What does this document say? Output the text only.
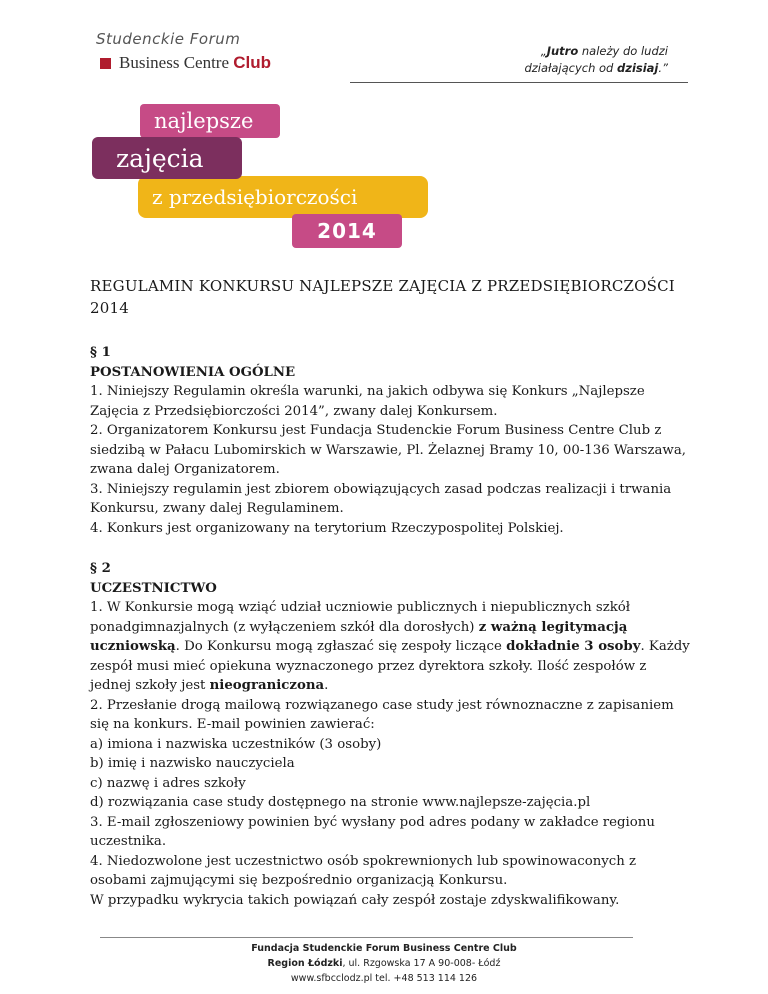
Studenckie Forum
Business Centre Club
„Jutro należy do ludzi
działających od dzisiaj.”
z przedsiębiorczości
najlepsze
zajęcia
2014
REGULAMIN KONKURSU NAJLEPSZE ZAJĘCIA Z PRZEDSIĘBIORCZOŚCI 2014

§ 1

POSTANOWIENIA OGÓLNE

1. Niniejszy Regulamin określa warunki, na jakich odbywa się Konkurs „Najlepsze Zajęcia z Przedsiębiorczości 2014”, zwany dalej Konkursem.

2. Organizatorem Konkursu jest Fundacja Studenckie Forum Business Centre Club z siedzibą w Pałacu Lubomirskich w Warszawie, Pl. Żelaznej Bramy 10, 00-136 Warszawa, zwana dalej Organizatorem.

3. Niniejszy regulamin jest zbiorem obowiązujących zasad podczas realizacji i trwania Konkursu, zwany dalej Regulaminem.

4. Konkurs jest organizowany na terytorium Rzeczypospolitej Polskiej.

§ 2

UCZESTNICTWO

1. W Konkursie mogą wziąć udział uczniowie publicznych i niepublicznych szkół ponadgimnazjalnych (z wyłączeniem szkół dla dorosłych) z ważną legitymacją uczniowską. Do Konkursu mogą zgłaszać się zespoły liczące dokładnie 3 osoby. Każdy zespół musi mieć opiekuna wyznaczonego przez dyrektora szkoły. Ilość zespołów z jednej szkoły jest nieograniczona.

2. Przesłanie drogą mailową rozwiązanego case study jest równoznaczne z zapisaniem się na konkurs. E-mail powinien zawierać:

a) imiona i nazwiska uczestników (3 osoby)

b) imię i nazwisko nauczyciela

c) nazwę i adres szkoły

d) rozwiązania case study dostępnego na stronie www.najlepsze-zajęcia.pl

3. E-mail zgłoszeniowy powinien być wysłany pod adres podany w zakładce regionu uczestnika.

4. Niedozwolone jest uczestnictwo osób spokrewnionych lub spowinowaconych z osobami zajmującymi się bezpośrednio organizacją Konkursu.

W przypadku wykrycia takich powiązań cały zespół zostaje zdyskwalifikowany.

Fundacja Studenckie Forum Business Centre Club
Region Łódzki, ul. Rzgowska 17 A 90-008- Łódź
www.sfbcclodz.pl tel. +48 513 114 126
